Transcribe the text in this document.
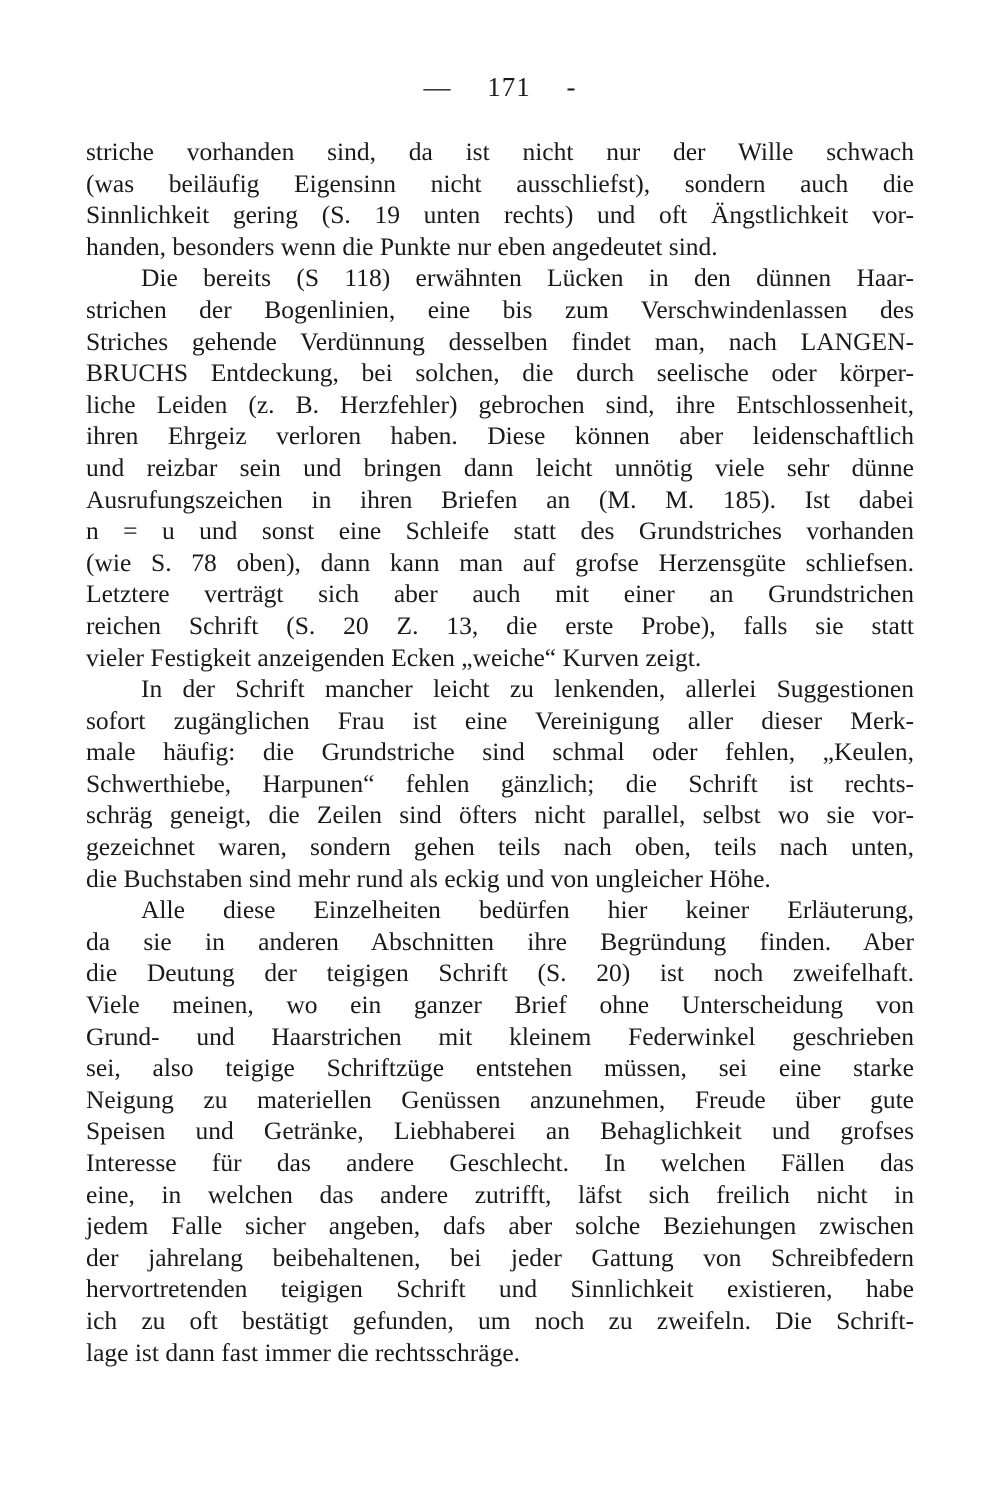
— 171 -
striche vorhanden sind, da ist nicht nur der Wille schwach
(was beiläufig Eigensinn nicht ausschliefst), sondern auch die
Sinnlichkeit gering (S. 19 unten rechts) und oft Ängstlichkeit vor-
handen, besonders wenn die Punkte nur eben angedeutet sind.
Die bereits (S 118) erwähnten Lücken in den dünnen Haar-
strichen der Bogenlinien, eine bis zum Verschwindenlassen des
Striches gehende Verdünnung desselben findet man, nach LANGEN-
BRUCHS Entdeckung, bei solchen, die durch seelische oder körper-
liche Leiden (z. B. Herzfehler) gebrochen sind, ihre Entschlossenheit,
ihren Ehrgeiz verloren haben. Diese können aber leidenschaftlich
und reizbar sein und bringen dann leicht unnötig viele sehr dünne
Ausrufungszeichen in ihren Briefen an (M. M. 185). Ist dabei
n = u und sonst eine Schleife statt des Grundstriches vorhanden
(wie S. 78 oben), dann kann man auf grofse Herzensgüte schliefsen.
Letztere verträgt sich aber auch mit einer an Grundstrichen
reichen Schrift (S. 20 Z. 13, die erste Probe), falls sie statt
vieler Festigkeit anzeigenden Ecken „weiche“ Kurven zeigt.
In der Schrift mancher leicht zu lenkenden, allerlei Suggestionen
sofort zugänglichen Frau ist eine Vereinigung aller dieser Merk-
male häufig: die Grundstriche sind schmal oder fehlen, „Keulen,
Schwerthiebe, Harpunen“ fehlen gänzlich; die Schrift ist rechts-
schräg geneigt, die Zeilen sind öfters nicht parallel, selbst wo sie vor-
gezeichnet waren, sondern gehen teils nach oben, teils nach unten,
die Buchstaben sind mehr rund als eckig und von ungleicher Höhe.
Alle diese Einzelheiten bedürfen hier keiner Erläuterung,
da sie in anderen Abschnitten ihre Begründung finden. Aber
die Deutung der teigigen Schrift (S. 20) ist noch zweifelhaft.
Viele meinen, wo ein ganzer Brief ohne Unterscheidung von
Grund- und Haarstrichen mit kleinem Federwinkel geschrieben
sei, also teigige Schriftzüge entstehen müssen, sei eine starke
Neigung zu materiellen Genüssen anzunehmen, Freude über gute
Speisen und Getränke, Liebhaberei an Behaglichkeit und grofses
Interesse für das andere Geschlecht. In welchen Fällen das
eine, in welchen das andere zutrifft, läfst sich freilich nicht in
jedem Falle sicher angeben, dafs aber solche Beziehungen zwischen
der jahrelang beibehaltenen, bei jeder Gattung von Schreibfedern
hervortretenden teigigen Schrift und Sinnlichkeit existieren, habe
ich zu oft bestätigt gefunden, um noch zu zweifeln. Die Schrift-
lage ist dann fast immer die rechtsschräge.
